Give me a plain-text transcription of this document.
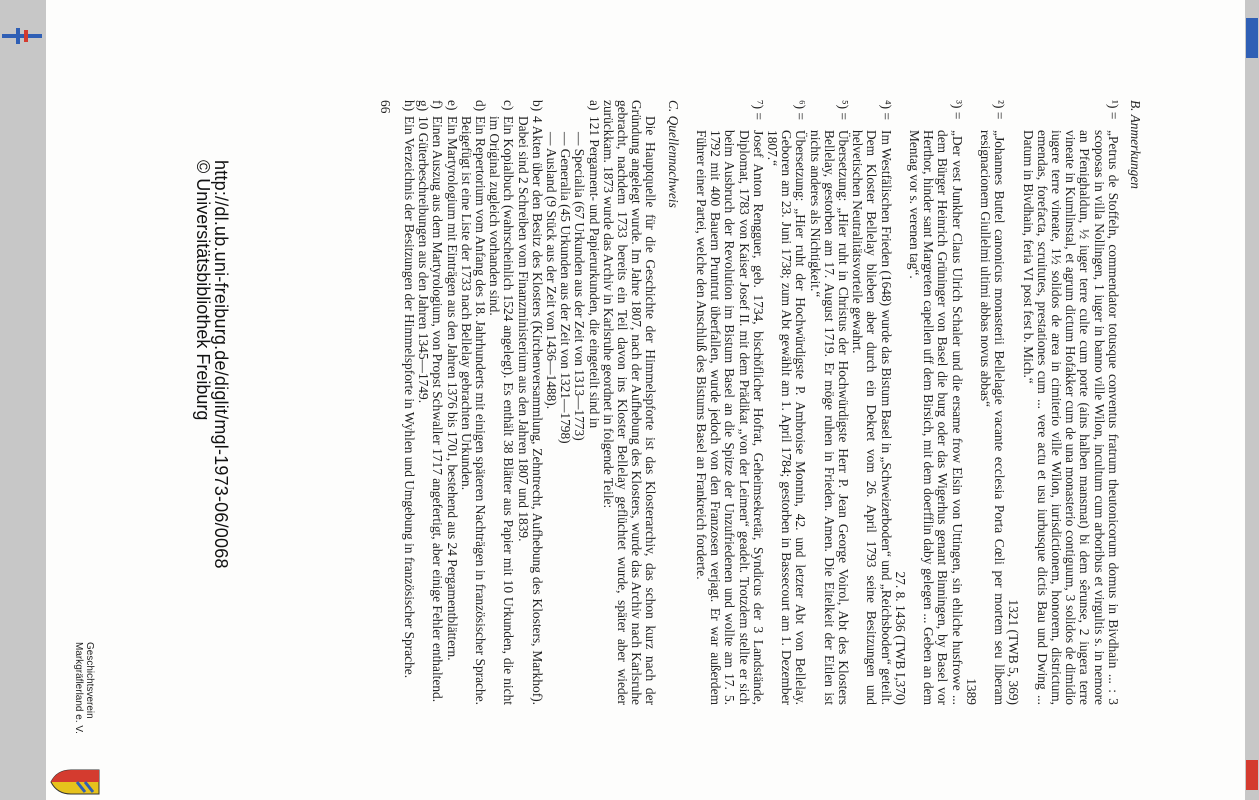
B. Anmerkungen
¹) =
„Petrus de Stoffeln, commendator totusque conventus fratrum theutonicorum domus in Bivdhain ... : 3 scoposas in villa Nollingen, 1 iuger in banno ville Wilon, incultum cum arboribus et virgultis s. in nemore an Pfenighaldun, ½ iuger terre culte cum porte (ains halben mansmat) bi dem sêrunse, 2 iugera terre vineate in Kumlinstal, et agrum dictum Hofakker cum de una monasterio contiguum, 3 solidos de dimidio iugere terre vineate, 1½ solidos de area in cimiterio ville Wilon, iurisdictionem, honorem, districtum, emendas, forefacta, scruitutes, prestationes cum ... vere actu et usu iurbusque dictis Bau und Dwing ... Datum in Bivdhain, feria VI post fest b. Mich.“
1321 (TWB 5, 369)
²) =
„Johannes Buttel canonicus monasterii Bellelagie vacante ecclesia Porta Cœli per mortem seu liberam resignacionem Giullelmi ultimi abbas novus abbas“
1389
³) =
„Der vest Junkher Claus Ulrich Schaler und die ersame frow Elsin von Uttingen, sin ehliche husfrowe ... dem Bürger Heinrich Grüninger von Basel die burg oder das Wigerhus genant Binningen, by Basel vor Herthor, hinder sant Margreten capellen uff dem Birsich, mit dem doerfflin daby gelegen ... Geben an dem Mentag vor s. verenen tag“.
27. 8. 1436 (TWB I,370)
⁴) =
Im Westfälischen Frieden (1648) wurde das Bistum Basel in „Schweizerboden“ und „Reichsboden“ geteilt. Dem Kloster Bellelay blieben aber durch ein Dekret vom 26. April 1793 seine Besitzungen und helvetischen Neutralitätsvorteile gewahrt.
⁵) =
Übersetzung: „Hier ruht in Christus der Hochwürdigste Herr P. Jean George Voirol, Abt des Klosters Bellelay, gestorben am 17. August 1719. Er möge ruhen in Frieden. Amen. Die Eitelkeit der Eitlen ist nichts anderes als Nichtigkeit.“
⁶) =
Übersetzung: „Hier ruht der Hochwürdigste P. Ambroise Monnin, 42. und letzter Abt von Bellelay. Geboren am 23. Juni 1738; zum Abt gewählt am 1. April 1784; gestorben in Bassecourt am 1. Dezember 1807.“
⁷) =
Josef Anton Rengguer, geb. 1734, bischöflicher Hofrat, Geheimsekretär, Syndicus der 3 Landstände, Diplomat, 1783 von Kaiser Josef II. mit dem Prädikat „von der Leimen“ geadelt. Trotzdem stellte er sich beim Ausbruch der Revolution im Bistum Basel an die Spitze der Unzufriedenen und wollte am 17. 5. 1792 mit 400 Bauern Pruntrut überfallen, wurde jedoch von den Franzosen verjagt. Er war außerdem Führer einer Partei, welche den Anschluß des Bistums Basel an Frankreich forderte.
C. Quellennachweis

Die Hauptquelle für die Geschichte der Himmelspforte ist das Klosterarchiv, das schon kurz nach der Gründung angelegt wurde. Im Jahre 1807, nach der Aufhebung des Klosters, wurde das Archiv nach Karlsruhe gebracht, nachdem 1733 bereits ein Teil davon ins Kloster Bellelay geflüchtet wurde, später aber wieder zurückkam. 1873 wurde das Archiv in Karlsruhe geordnet in folgende Teile:

a)
121 Pergament- und Papierurkunden, die eingeteilt sind in
— Specialia (67 Urkunden aus der Zeit von 1313—1773)
— Generalia (45 Urkunden aus der Zeit von 1321—1798)
— Ausland (9 Stück aus der Zeit von 1436—1488).
b)
4 Akten über den Besitz des Klosters (Kirchenversammlung, Zehntrecht, Aufhebung des Klosters, Markhof). Dabei sind 2 Schreiben vom Finanzministerium aus den Jahren 1807 und 1839.
c)
Ein Kopialbuch (wahrscheinlich 1524 angelegt). Es enthält 38 Blätter aus Papier mit 10 Urkunden, die nicht im Original zugleich vorhanden sind.
d)
Ein Repertorium vom Anfang des 18. Jahrhunderts mit einigen späteren Nachträgen in französischer Sprache. Beigefügt ist eine Liste der 1733 nach Bellelay gebrachten Urkunden.
e)
Ein Martyrologium mit Einträgen aus den Jahren 1376 bis 1701, bestehend aus 24 Pergamentblättern.
f)
Einen Auszug aus dem Martyrologium, von Propst Schwaller 1717 angefertigt, aber einige Fehler enthaltend.
g)
10 Güterbeschreibungen aus den Jahren 1345—1749.
h)
Ein Verzeichnis der Besitzungen der Himmelspforte in Wyhlen und Umgebung in französischer Sprache.
66
http://dl.ub.uni-freiburg.de/diglit/mgl-1973-06/0068
© Universitätsbibliothek Freiburg
Geschichtsverein Markgräflerland e. V.
